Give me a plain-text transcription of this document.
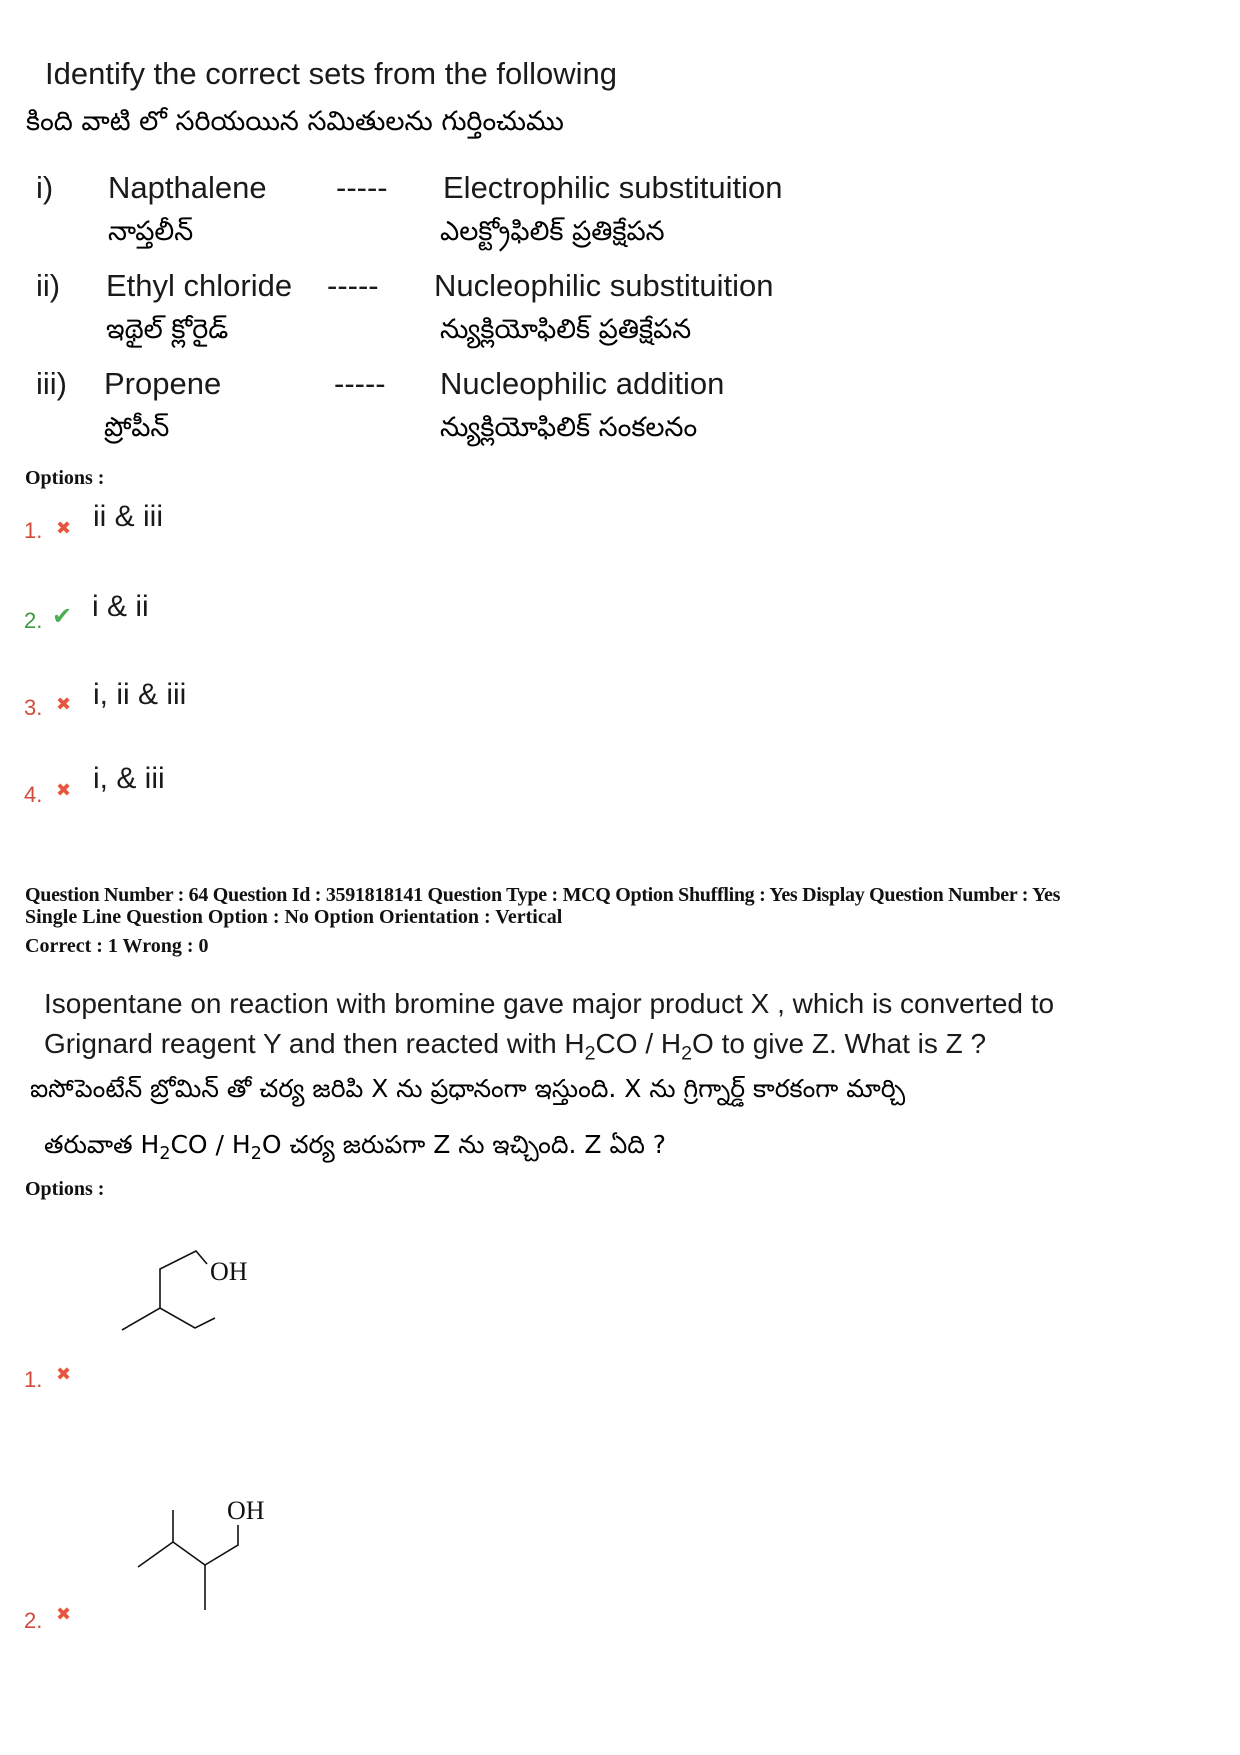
Identify the correct sets from the following
కింది వాటి లో సరియయిన సమితులను గుర్తించుము
i) Napthalene
నాప్తలీన్
----- Electrophilic substituition
ఎలక్ట్రోఫిలిక్ ప్రతిక్షేపన
ii) Ethyl chloride
ఇథైల్ క్లోరైడ్
----- Nucleophilic substituition
న్యుక్లియోఫిలిక్ ప్రతిక్షేపన
iii) Propene
ప్రోపీన్
----- Nucleophilic addition
న్యుక్లియోఫిలిక్ సంకలనం
Options :
1. ✖ ii & iii
2. ✔ i & ii
3. ✖ i, ii & iii
4. ✖ i, & iii
Question Number : 64 Question Id : 3591818141 Question Type : MCQ Option Shuffling : Yes Display Question Number : Yes
Single Line Question Option : No Option Orientation : Vertical
Correct : 1 Wrong : 0
Isopentane on reaction with bromine gave major product X , which is converted to
Grignard reagent Y and then reacted with $H_2CO / H_2O$ to give Z. What is Z ?
ఐసోపెంటేన్ బ్రోమిన్ తో చర్య జరిపి X ను ప్రధానంగా ఇస్తుంది. X ను గ్రిగ్నార్డ్ కారకంగా మార్చి
తరువాత $H_2CO / H_2O$ చర్య జరుపగా Z ను ఇచ్చింది. Z ఏది ?
Options :
OH
1. ✖
OH
2. ✖
